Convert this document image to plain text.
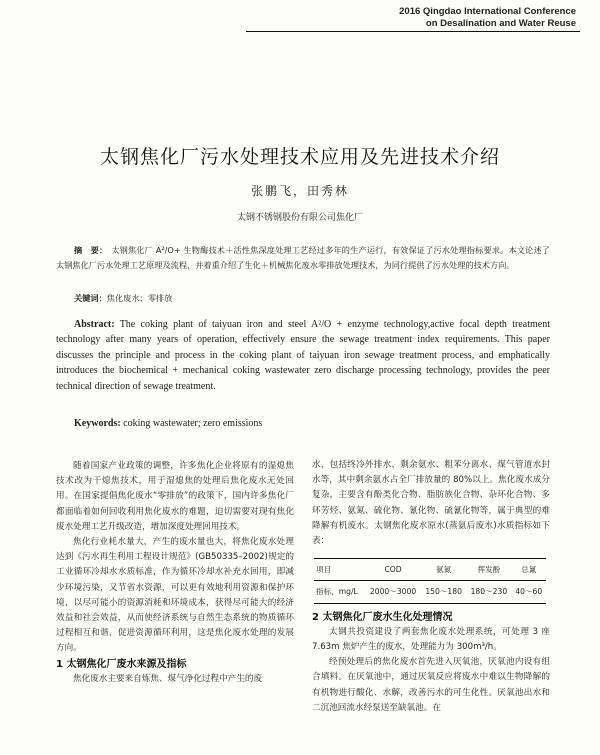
2016 Qingdao International Conference
on Desalination and Water Reuse
太钢焦化厂污水处理技术应用及先进技术介绍
张鹏飞，田秀林
太钢不锈钢股份有限公司焦化厂
摘　要： 太钢焦化厂 A²/O+ 生物酶技术＋活性焦深度处理工艺经过多年的生产运行，有效保证了污水处理指标要求。本文论述了太钢焦化厂污水处理工艺原理及流程，并着重介绍了生化＋机械焦化废水零排放处理技术，为同行提供了污水处理的技术方向。
关键词：焦化废水；零排放
Abstract: The coking plant of taiyuan iron and steel A²/O + enzyme technology,active focal depth treatment technology after many years of operation, effectively ensure the sewage treatment index requirements. This paper discusses the principle and process in the coking plant of taiyuan iron sewage treatment process, and emphatically introduces the biochemical + mechanical coking wastewater zero discharge processing technology, provides the peer technical direction of sewage treatment.
Keywords: coking wastewater; zero emissions

随着国家产业政策的调整，许多焦化企业将原有的湿熄焦技术改为干熄焦技术，用于湿熄焦的处理后焦化废水无处回用。在国家提倡焦化废水“零排放”的政策下，国内许多焦化厂都面临着如何回收利用焦化废水的难题，迫切需要对现有焦化废水处理工艺升级改造，增加深度处理回用技术。

焦化行业耗水量大，产生的废水量也大，将焦化废水处理达到《污水再生利用工程设计规范》(GB50335–2002)规定的工业循环冷却水水质标准，作为循环冷却水补充水回用，即减少环境污染，又节省水资源，可以更有效地利用资源和保护环境，以尽可能小的资源消耗和环境成本，获得尽可能大的经济效益和社会效益，从而使经济系统与自然生态系统的物质循环过程相互和谐，促进资源循环利用，这是焦化废水处理的发展方向。

1 太钢焦化厂废水来源及指标

焦化废水主要来自炼焦、煤气净化过程中产生的废

水，包括终冷外排水、剩余氨水、粗苯分离水、煤气管道水封水等，其中剩余氨水占全厂排放量的 80%以上。焦化废水成分复杂，主要含有酚类化合物、脂肪族化合物、杂环化合物、多环芳烃、氨氮、硫化物、氰化物、硫氰化物等，属于典型的难降解有机废水。太钢焦化废水原水(蒸氨后废水)水质指标如下表：

项目	COD	氨氮	挥发酚	总氰
指标，mg/L	2000～3000	150～180	180～230	40～60

2 太钢焦化厂废水生化处理情况

太钢共投资建设了两套焦化废水处理系统，可处理 3 座 7.63m 焦炉产生的废水，处理能力为 300m³/h。

经预处理后的焦化废水首先进入厌氧池，厌氧池内设有组合填料。在厌氧池中，通过厌氧反应将废水中难以生物降解的有机物进行酸化、水解，改善污水的可生化性。厌氧池出水和二沉池回流水经泵送至缺氧池。在
